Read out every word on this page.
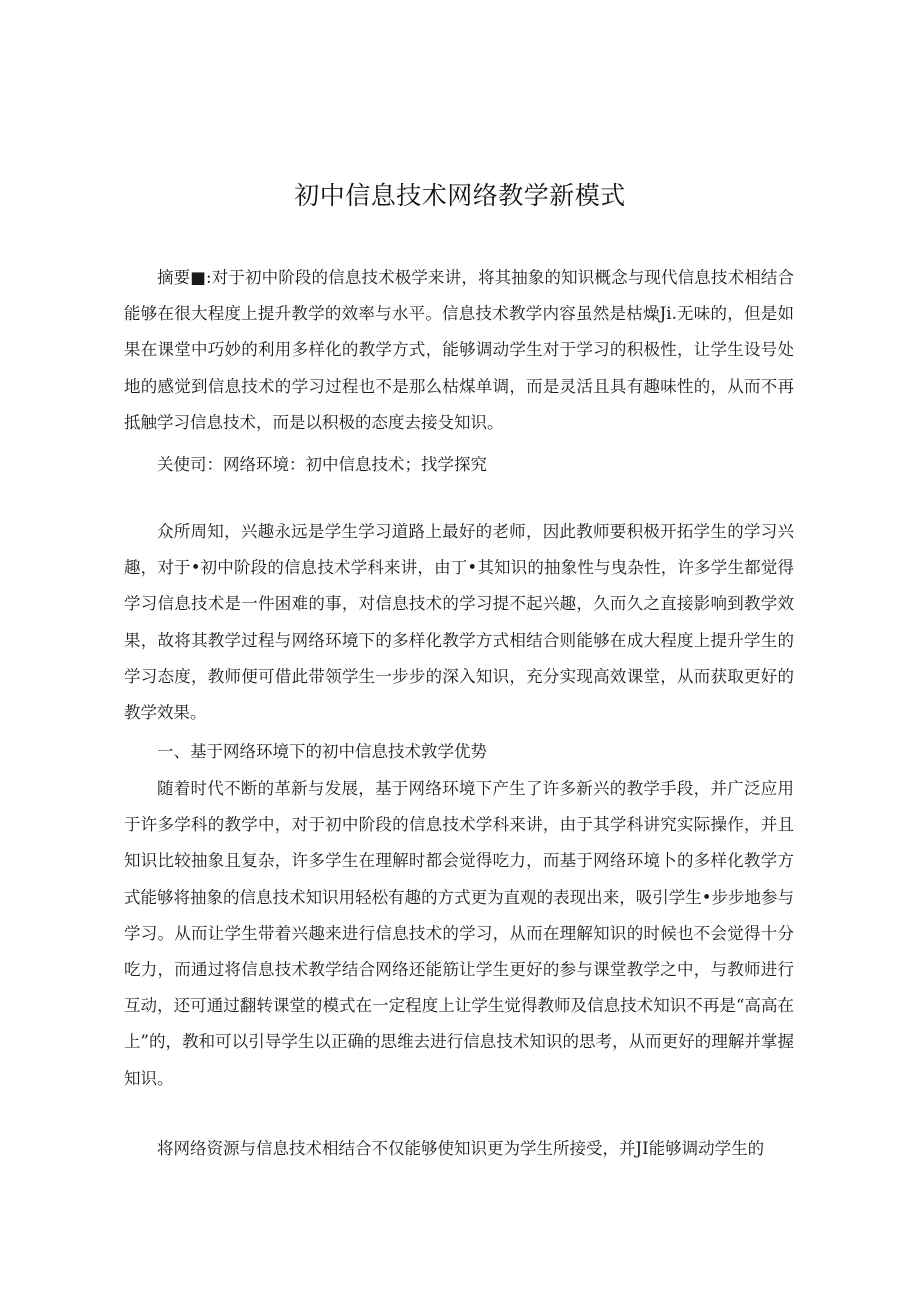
初中信息技术网络教学新模式

摘要■:对于初中阶段的信息技术极学来讲，将其抽象的知识概念与现代信息技术相结合能够在很大程度上提升教学的效率与水平。信息技术教学内容虽然是枯燥Ji.无味的，但是如果在课堂中巧妙的利用多样化的教学方式，能够调动学生对于学习的积极性，让学生设号处地的感觉到信息技术的学习过程也不是那么枯煤单调，而是灵活且具有趣味性的，从而不再抵触学习信息技术，而是以积极的态度去接殳知识。

关使司：网络环境：初中信息技术；找学探究

众所周知，兴趣永远是学生学习道路上最好的老师，因此教师要积极开拓学生的学习兴趣，对于•初中阶段的信息技术学科来讲，由丁•其知识的抽象性与曳杂性，许多学生都觉得学习信息技术是一件困难的事，对信息技术的学习提不起兴趣，久而久之直接影响到教学效果，故将其教学过程与网络环境下的多样化教学方式相结合则能够在成大程度上提升学生的学习态度，教师便可借此带领学生一步步的深入知识，充分实现高效课堂，从而获取更好的教学效果。

一、基于网络环境下的初中信息技术敦学优势

随着时代不断的革新与发展，基于网络环境下产生了许多新兴的教学手段，并广泛应用于许多学科的教学中，对于初中阶段的信息技术学科来讲，由于其学科讲究实际操作，并且知识比较抽象且复杂，许多学生在理解时都会觉得吃力，而基于网络环境卜的多样化教学方式能够将抽象的信息技术知识用轻松有趣的方式更为直观的表现出来，吸引学生•步步地参与学习。从而让学生带着兴趣来进行信息技术的学习，从而在理解知识的时候也不会觉得十分吃力，而通过将信息技术教学结合网络还能筋让学生更好的参与课堂教学之中，与教师进行互动，还可通过翻转课堂的模式在一定程度上让学生觉得教师及信息技术知识不再是“高高在上”的，教和可以引导学生以正确的思维去进行信息技术知识的思考，从而更好的理解并掌握知识。

将网络资源与信息技术相结合不仅能够使知识更为学生所接受，并JI能够调动学生的
